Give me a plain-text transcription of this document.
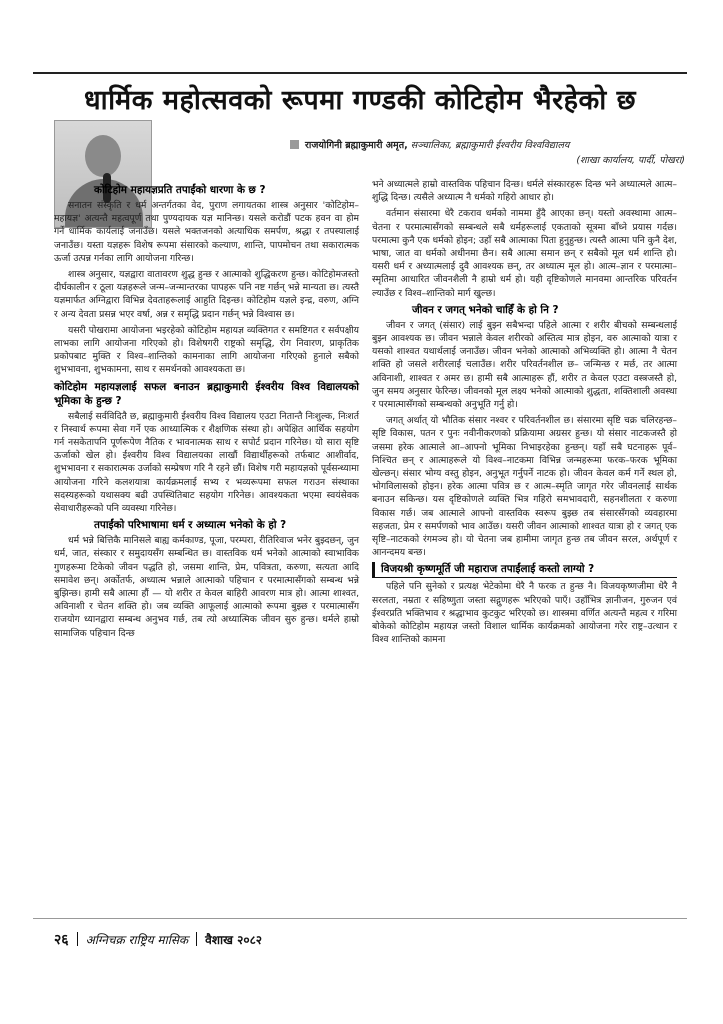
धार्मिक महोत्सवको रूपमा गण्डकी कोटिहोम भैरहेको छ
राजयोगिनी ब्रह्माकुमारी अमृत, सञ्चालिका, ब्रह्माकुमारी ईश्वरीय विश्वविद्यालय
(शाखा कार्यालय, पार्दी, पोखरा)
कोटिहोम महायज्ञप्रति तपाईंको धारणा के छ ?

सनातन संस्कृति र धर्म अन्तर्गतका वेद, पुराण लगायतका शास्त्र अनुसार 'कोटिहोम–महायज्ञ' अत्यन्तै महत्वपूर्ण तथा पुण्यदायक यज्ञ मानिन्छ। यसले करोडौं पटक हवन वा होम गर्ने धार्मिक कार्यलाई जनाउँछ। यसले भक्तजनको अत्याधिक समर्पण, श्रद्धा र तपस्यालाई जनाउँछ। यस्ता यज्ञहरू विशेष रूपमा संसारको कल्याण, शान्ति, पापमोचन तथा सकारात्मक ऊर्जा उत्पन्न गर्नका लागि आयोजना गरिन्छ।

शास्त्र अनुसार, यज्ञद्वारा वातावरण शुद्ध हुन्छ र आत्माको शुद्धिकरण हुन्छ। कोटिहोमजस्तो दीर्घकालीन र ठूला यज्ञहरूले जन्म–जन्मान्तरका पापहरू पनि नष्ट गर्छन् भन्ने मान्यता छ। त्यस्तै यज्ञमार्फत अग्निद्वारा विभिन्न देवताहरूलाई आहुति दिइन्छ। कोटिहोम यज्ञले इन्द्र, वरुण, अग्नि र अन्य देवता प्रसन्न भएर वर्षा, अन्न र समृद्धि प्रदान गर्छन् भन्ने विश्वास छ।

यसरी पोखरामा आयोजना भइरहेको कोटिहोम महायज्ञ व्यक्तिगत र समष्टिगत र सर्वपक्षीय लाभका लागि आयोजना गरिएको हो। विशेषगरी राष्ट्रको समृद्धि, रोग निवारण, प्राकृतिक प्रकोपबाट मुक्ति र विश्व–शान्तिको कामनाका लागि आयोजना गरिएको हुनाले सबैको शुभभावना, शुभकामना, साथ र समर्थनको आवश्यकता छ।

कोटिहोम महायज्ञलाई सफल बनाउन ब्रह्माकुमारी ईश्वरीय विश्व विद्यालयको भूमिका के हुन्छ ?

सबैलाई सर्वविदितै छ, ब्रह्माकुमारी ईश्वरीय विश्व विद्यालय एउटा नितान्तै निःशुल्क, निःशर्त र निस्वार्थ रूपमा सेवा गर्ने एक आध्यात्मिक र शैक्षणिक संस्था हो। अपेक्षित आर्थिक सहयोग गर्न नसकेतापनि पूर्णरूपेण नैतिक र भावनात्मक साथ र सपोर्ट प्रदान गरिनेछ। यो सारा सृष्टि ऊर्जाको खेल हो। ईश्वरीय विश्व विद्यालयका लाखौं विद्यार्थीहरूको तर्फबाट आशीर्वाद, शुभभावना र सकारात्मक उर्जाको सम्प्रेषण गरि नै रहने छौं। विशेष गरी महायज्ञको पूर्वसन्ध्यामा आयोजना गरिने कलशयात्रा कार्यक्रमलाई सभ्य र भव्यरूपमा सफल गराउन संस्थाका सदस्यहरूको यथासक्य बढी उपस्थितिबाट सहयोग गरिनेछ। आवश्यकता भएमा स्वयंसेवक सेवाधारीहरूको पनि व्यवस्था गरिनेछ।

तपाईंको परिभाषामा धर्म र अध्यात्म भनेको के हो ?

धर्म भन्ने बित्तिकै मानिसले बाह्य कर्मकाण्ड, पूजा, परम्परा, रीतिरिवाज भनेर बुझ्दछन्, जुन धर्म, जात, संस्कार र समुदायसँग सम्बन्धित छ। वास्तविक धर्म भनेको आत्माको स्वाभाविक गुणहरूमा टिकेको जीवन पद्धति हो, जसमा शान्ति, प्रेम, पवित्रता, करुणा, सत्यता आदि समावेश छन्। अर्कोतर्फ, अध्यात्म भन्नाले आत्माको पहिचान र परमात्मासँगको सम्बन्ध भन्ने बुझिन्छ। हामी सबै आत्मा हौं — यो शरीर त केवल बाहिरी आवरण मात्र हो। आत्मा शाश्वत, अविनाशी र चेतन शक्ति हो। जब व्यक्ति आफूलाई आत्माको रूपमा बुझ्छ र परमात्मासँग राजयोग ध्यानद्वारा सम्बन्ध अनुभव गर्छ, तब त्यो अध्यात्मिक जीवन सुरु हुन्छ। धर्मले हाम्रो सामाजिक पहिचान दिन्छ

भने अध्यात्मले हाम्रो वास्तविक पहिचान दिन्छ। धर्मले संस्कारहरू दिन्छ भने अध्यात्मले आत्म–शुद्धि दिन्छ। त्यसैले अध्यात्म नै धर्मको गहिरो आधार हो।

वर्तमान संसारमा धेरै टकराव धर्मको नाममा हुँदै आएका छन्। यस्तो अवस्थामा आत्म–चेतना र परमात्मासँगको सम्बन्धले सबै धर्महरूलाई एकताको सूत्रमा बाँध्ने प्रयास गर्दछ। परमात्मा कुनै एक धर्मको होइन; उहाँ सबै आत्माका पिता हुनुहुन्छ। त्यस्तै आत्मा पनि कुनै देश, भाषा, जात वा धर्मको अधीनमा छैन। सबै आत्मा समान छन् र सबैको मूल धर्म शान्ति हो। यसरी धर्म र अध्यात्मलाई दुवै आवश्यक छन्, तर अध्यात्म मूल हो। आत्म–ज्ञान र परमात्मा–स्मृतिमा आधारित जीवनशैली नै हाम्रो धर्म हो। यही दृष्टिकोणले मानवमा आन्तरिक परिवर्तन ल्याउँछ र विश्व–शान्तिको मार्ग खुल्छ।

जीवन र जगत् भनेको चाहिँ के हो नि ?

जीवन र जगत् (संसार) लाई बुझ्न सबैभन्दा पहिले आत्मा र शरीर बीचको सम्बन्धलाई बुझ्न आवश्यक छ। जीवन भन्नाले केवल शरीरको अस्तित्व मात्र होइन, वरु आत्माको यात्रा र यसको शाश्वत यथार्थलाई जनाउँछ। जीवन भनेको आत्माको अभिव्यक्ति हो। आत्मा नै चेतन शक्ति हो जसले शरीरलाई चलाउँछ। शरीर परिवर्तनशील छ– जन्मिन्छ र मर्छ, तर आत्मा अविनाशी, शाश्वत र अमर छ। हामी सबै आत्माहरू हौं, शरीर त केवल एउटा वस्त्रजस्तै हो, जुन समय अनुसार फेरिन्छ। जीवनको मूल लक्ष्य भनेको आत्माको शुद्धता, शक्तिशाली अवस्था र परमात्मासँगको सम्बन्धको अनुभूति गर्नु हो।

जगत् अर्थात् यो भौतिक संसार नश्वर र परिवर्तनशील छ। संसारमा सृष्टि चक्र चलिरहन्छ– सृष्टि विकास, पतन र पुनः नवीनीकरणको प्रक्रियामा अग्रसर हुन्छ। यो संसार नाटकजस्तै हो जसमा हरेक आत्माले आ–आफ्नो भूमिका निभाइरहेका हुन्छन्। यहाँ सबै घटनाहरू पूर्व–निश्चित छन् र आत्माहरूले यो विश्व–नाटकमा विभिन्न जन्महरूमा फरक–फरक भूमिका खेल्छन्। संसार भोग्य वस्तु होइन, अनुभूत गर्नुपर्ने नाटक हो। जीवन केवल कर्म गर्ने स्थल हो, भोगविलासको होइन। हरेक आत्मा पवित्र छ र आत्म–स्मृति जागृत गरेर जीवनलाई सार्थक बनाउन सकिन्छ। यस दृष्टिकोणले व्यक्ति भित्र गहिरो समभावदारी, सहनशीलता र करुणा विकास गर्छ। जब आत्माले आफ्नो वास्तविक स्वरूप बुझ्छ तब संसारसँगको व्यवहारमा सहजता, प्रेम र समर्पणको भाव आउँछ। यसरी जीवन आत्माको शाश्वत यात्रा हो र जगत् एक सृष्टि–नाटकको रंगमञ्च हो। यो चेतना जब हामीमा जागृत हुन्छ तब जीवन सरल, अर्थपूर्ण र आनन्दमय बन्छ।

विजयश्री कृष्णमूर्ति जी महाराज तपाईंलाई कस्तो लाग्यो ?

पहिले पनि सुनेको र प्रत्यक्ष भेटेकोमा धेरै नै फरक त हुन्छ नै। विजयकृष्णजीमा धेरै नै सरलता, नम्रता र सहिष्णुता जस्ता सद्गुणहरू भरिएको पाएँ। उहाँभित्र ज्ञानीजन, गुरुजन एवं ईश्वरप्रति भक्तिभाव र श्रद्धाभाव कुटकुट भरिएको छ। शास्त्रमा वर्णित अत्यन्तै महत्व र गरिमा बोकेको कोटिहोम महायज्ञ जस्तो विशाल धार्मिक कार्यक्रमको आयोजना गरेर राष्ट्र–उत्थान र विश्व शान्तिको कामना

२६ अग्निचक्र राष्ट्रिय मासिक वैशाख २०८२
